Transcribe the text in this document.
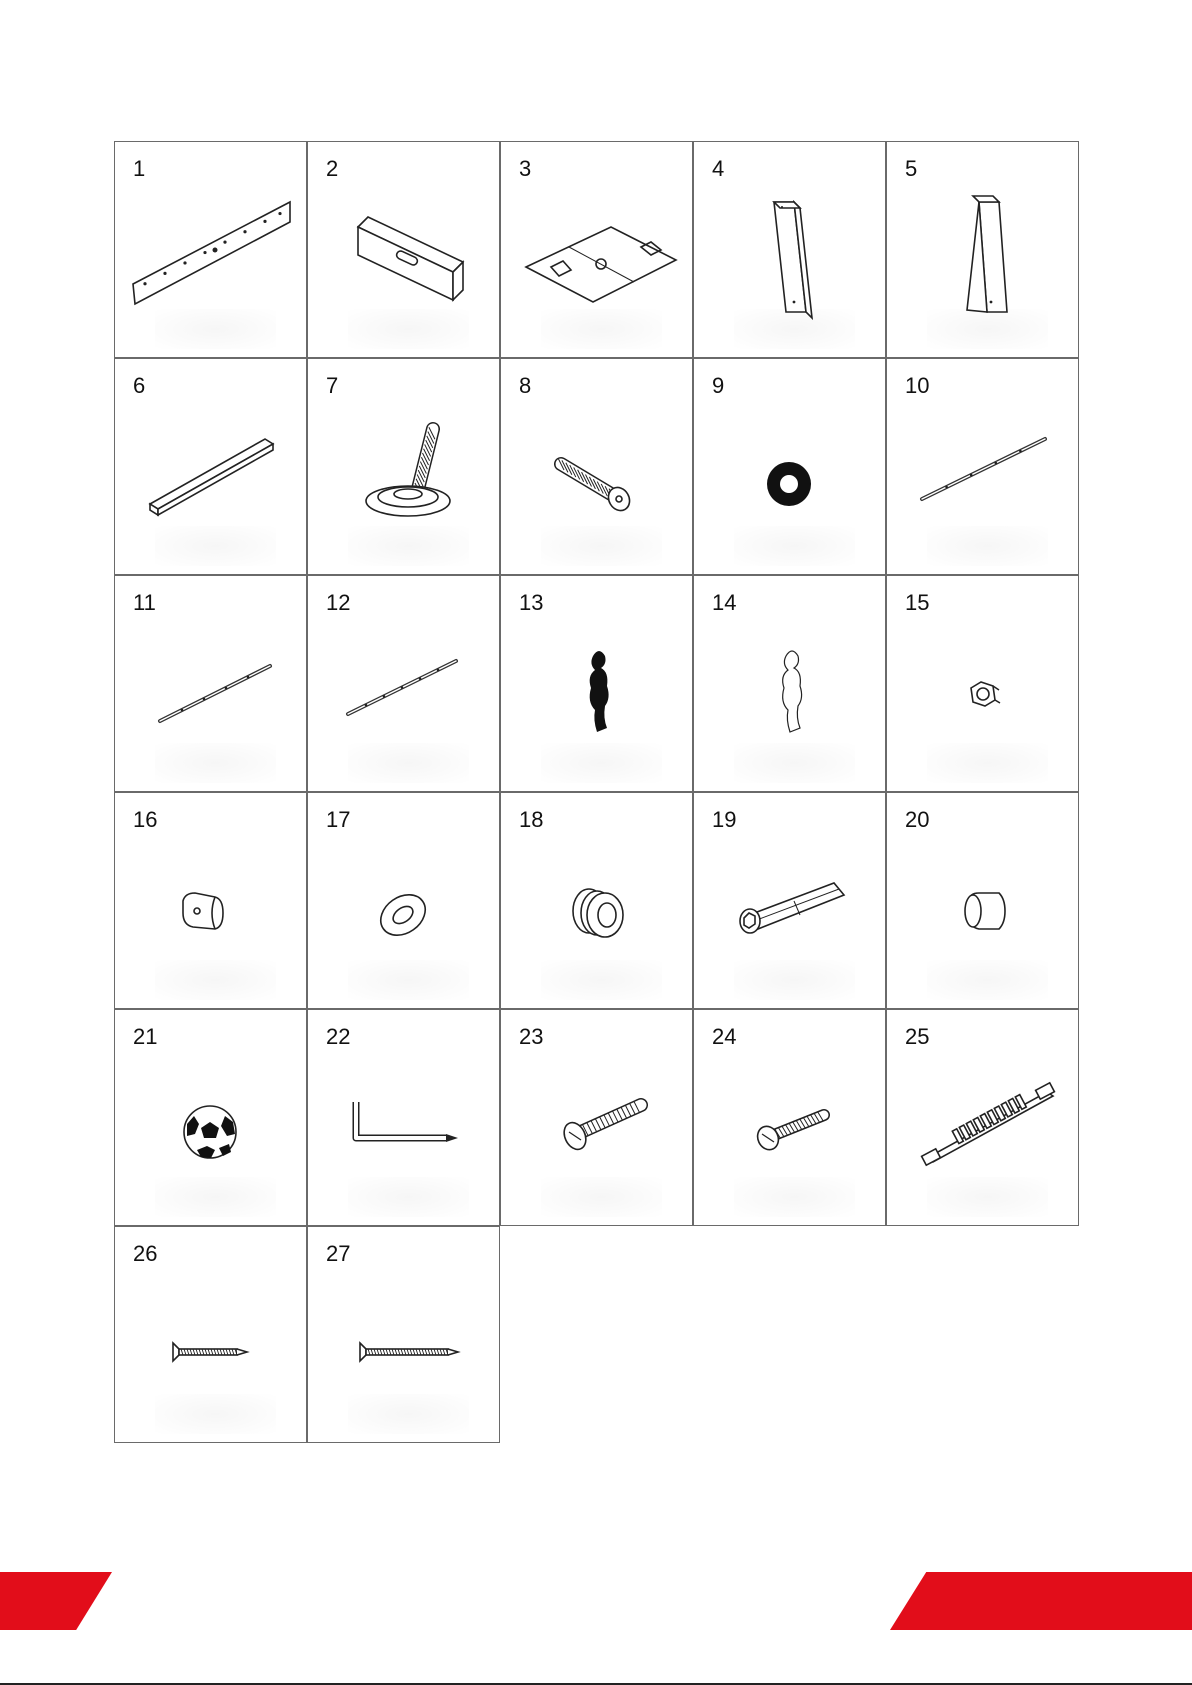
1	2	3	4	5
6	7	8	9	10
11	12	13	14	15
16	17	18	19	20
21	22	23	24	25
26	27
